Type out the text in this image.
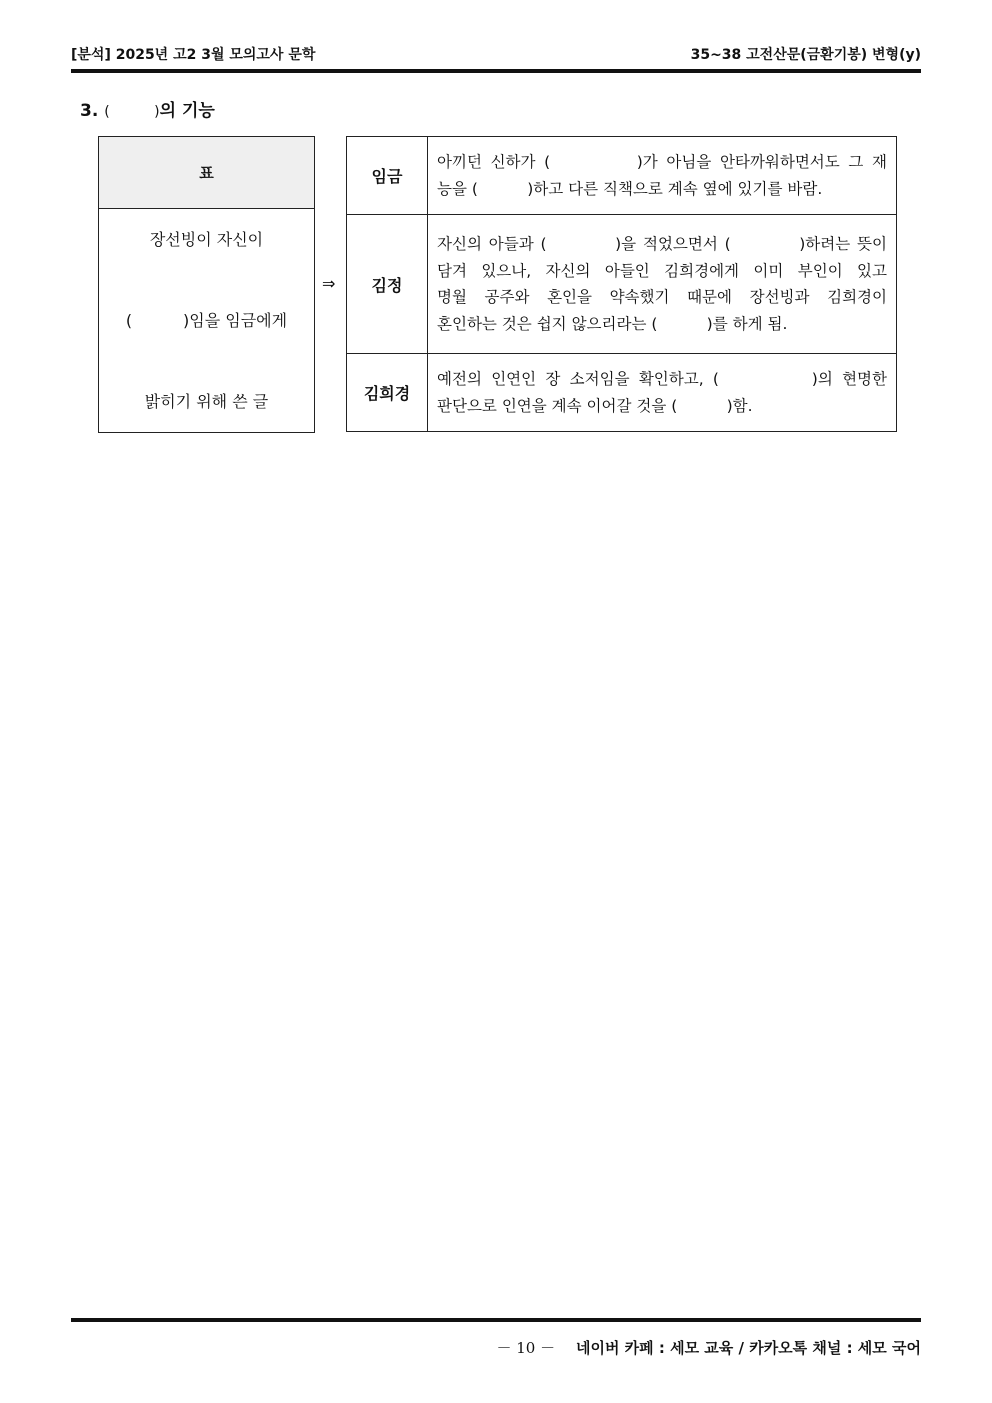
[분석] 2025년 고2 3월 모의고사 문학	35~38 고전산문(금환기봉) 변형(y)
3. (          )의 기능
표

장선빙이 자신이

(          )임을 임금에게

밝히기 위해 쓴 글

⇒
임금	아끼던 신하가 (          )가 아님을 안타까워하면서도 그 재
능을 (          )하고 다른 직책으로 계속 옆에 있기를 바람.

김정	자신의 아들과 (          )을 적었으면서 (          )하려는 뜻이
담겨 있으나, 자신의 아들인 김희경에게 이미 부인이 있고
명월 공주와 혼인을 약속했기 때문에 장선빙과 김희경이
혼인하는 것은 쉽지 않으리라는 (          )를 하게 됨.

김희경	예전의 인연인 장 소저임을 확인하고, (          )의 현명한
판단으로 인연을 계속 이어갈 것을 (          )함.
－ 10 － 네이버 카페 : 세모 교육 / 카카오톡 채널 : 세모 국어
